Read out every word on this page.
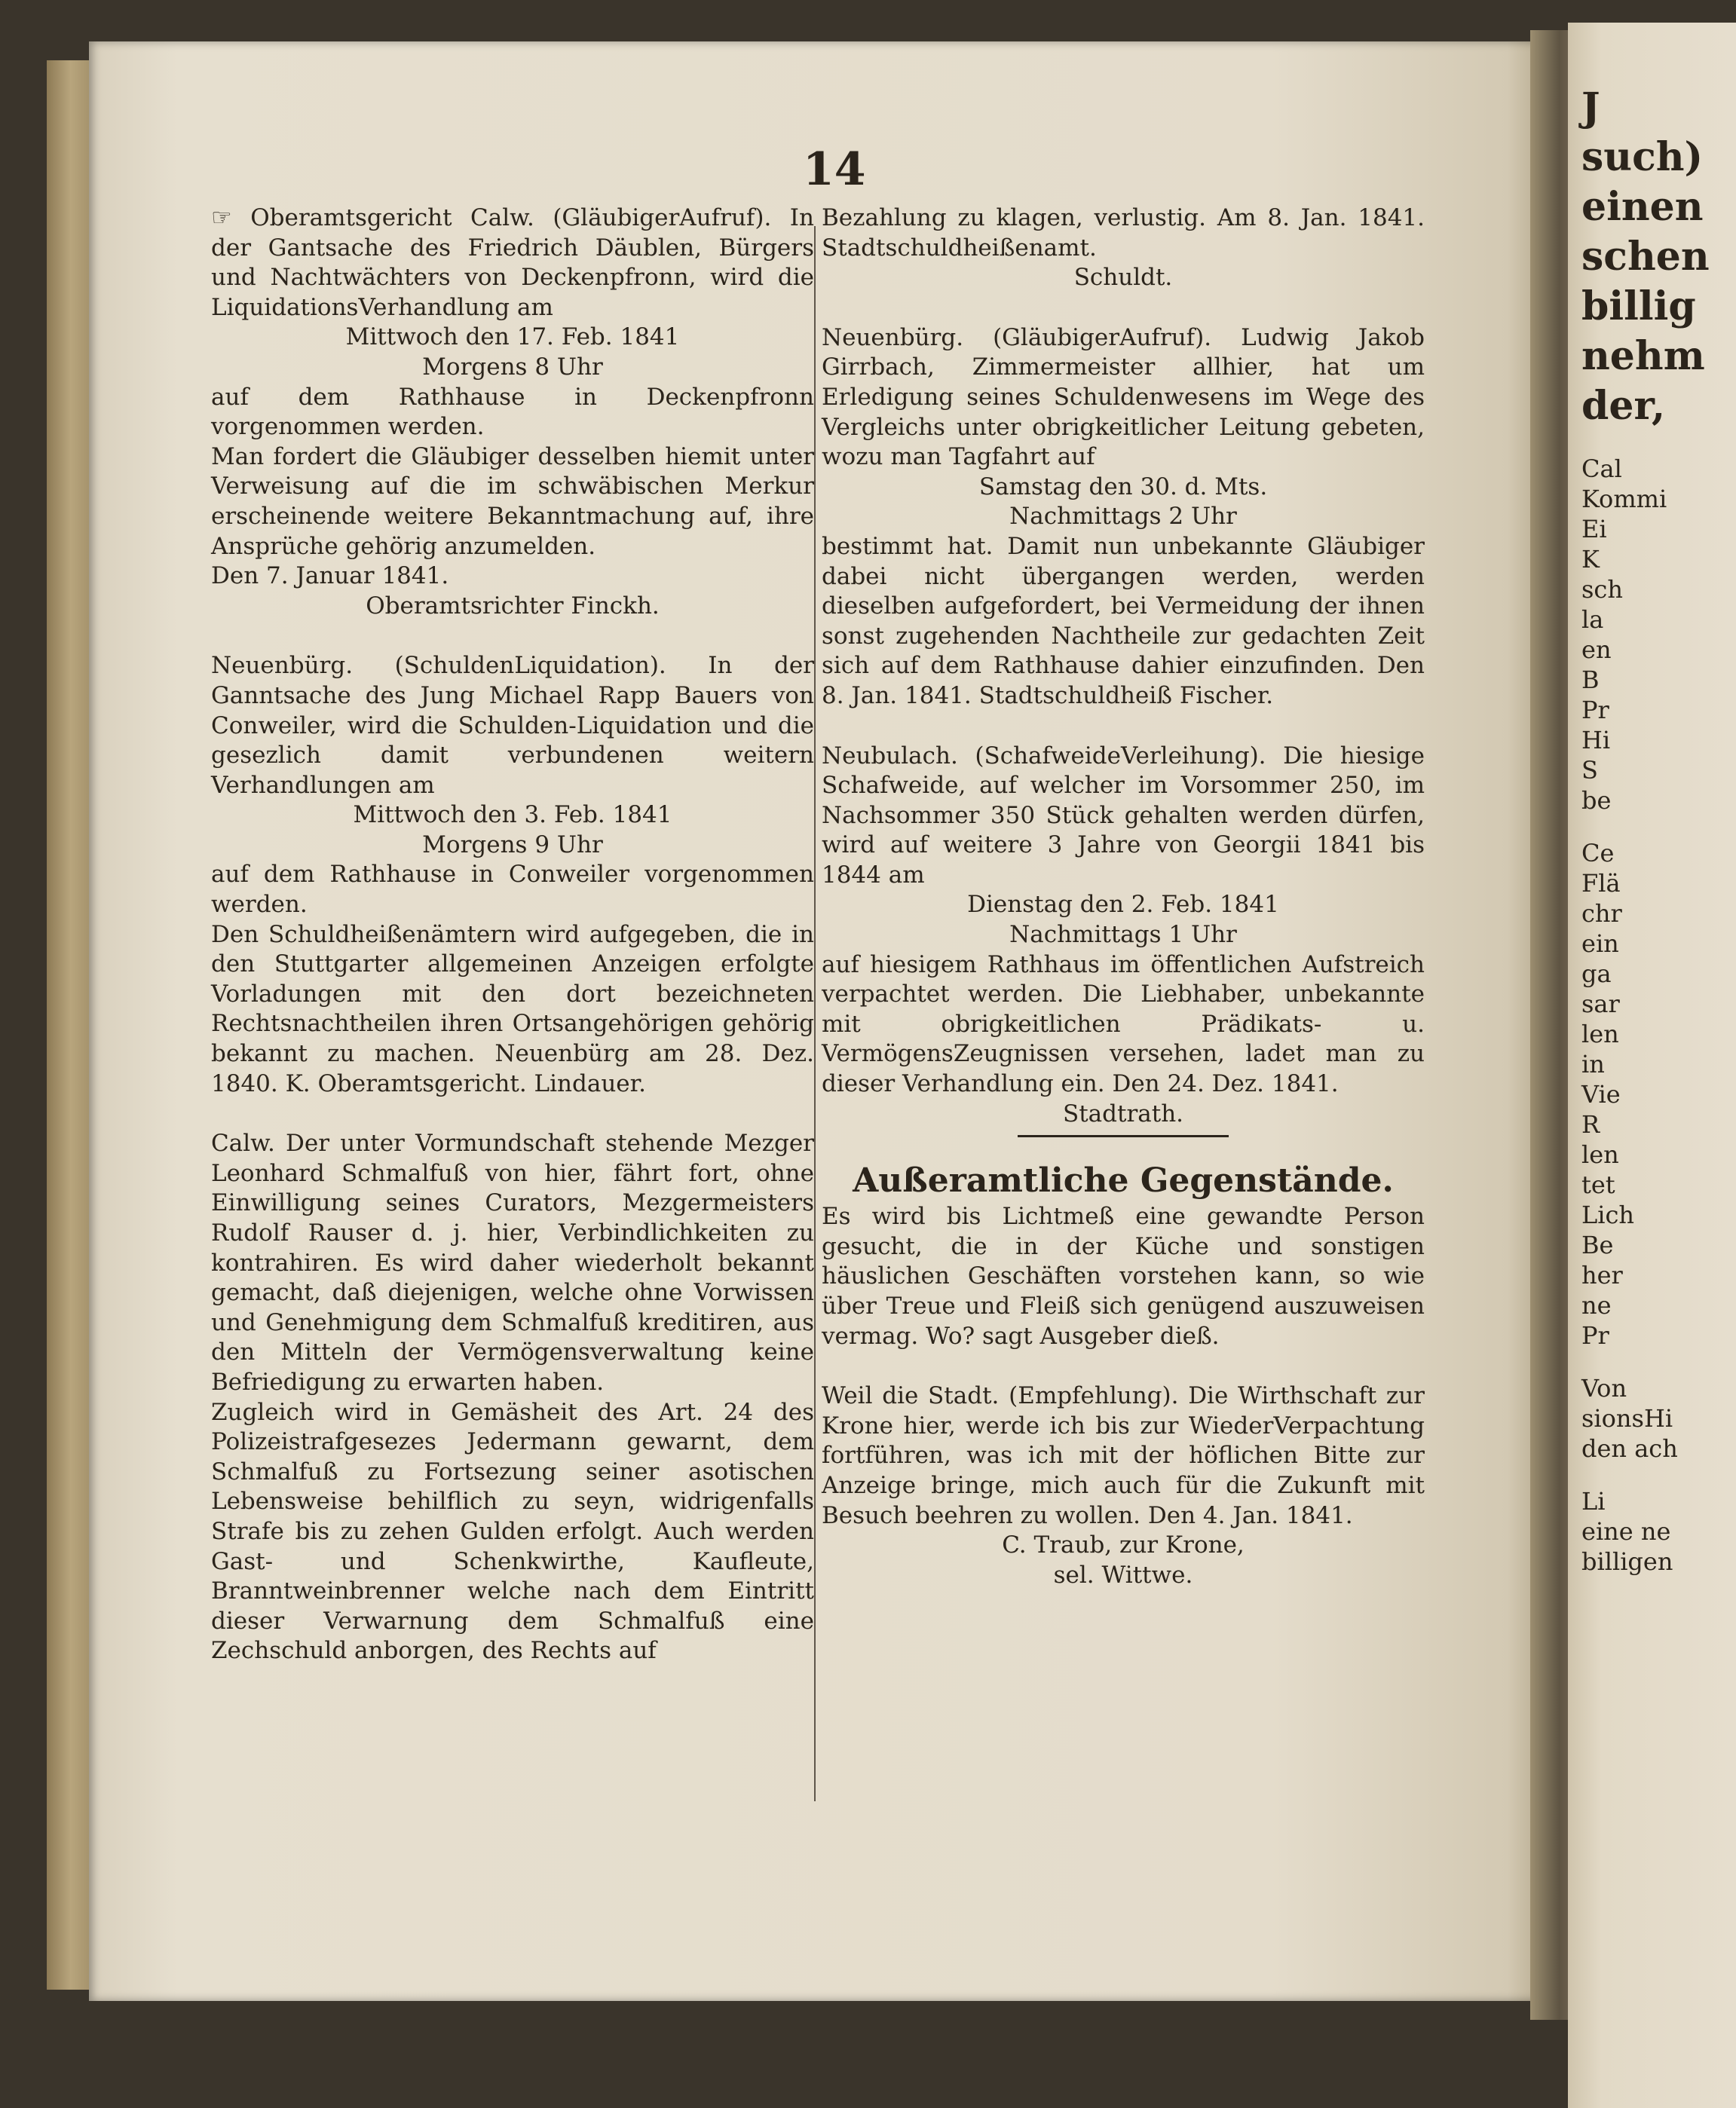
J
such)
einen
schen
billig
nehm
der,
Cal
Kommi
Ei
K
sch
la
en
B
Pr
Hi
S
be
Ce
Flä
chr
ein
ga
sar
len
in
Vie
R
len
tet
Lich
Be
her
ne
Pr
Von
sionsHi
den ach
Li
eine ne
billigen
14

☞ Oberamtsgericht Calw. (GläubigerAufruf). In der Gantsache des Friedrich Däublen, Bürgers und Nachtwächters von Deckenpfronn, wird die LiquidationsVerhandlung am

Mittwoch den 17. Feb. 1841

Morgens 8 Uhr

auf dem Rathhause in Deckenpfronn vorgenommen werden.

Man fordert die Gläubiger desselben hiemit unter Verweisung auf die im schwäbischen Merkur erscheinende weitere Bekanntmachung auf, ihre Ansprüche gehörig anzumelden.

Den 7. Januar 1841.

Oberamtsrichter Finckh.

Neuenbürg. (SchuldenLiquidation). In der Ganntsache des Jung Michael Rapp Bauers von Conweiler, wird die Schulden-Liquidation und die gesezlich damit verbundenen weitern Verhandlungen am

Mittwoch den 3. Feb. 1841

Morgens 9 Uhr

auf dem Rathhause in Conweiler vorgenommen werden.

Den Schuldheißenämtern wird aufgegeben, die in den Stuttgarter allgemeinen Anzeigen erfolgte Vorladungen mit den dort bezeichneten Rechtsnachtheilen ihren Ortsangehörigen gehörig bekannt zu machen. Neuenbürg am 28. Dez. 1840. K. Oberamtsgericht. Lindauer.

Calw. Der unter Vormundschaft stehende Mezger Leonhard Schmalfuß von hier, fährt fort, ohne Einwilligung seines Curators, Mezgermeisters Rudolf Rauser d. j. hier, Verbindlichkeiten zu kontrahiren. Es wird daher wiederholt bekannt gemacht, daß diejenigen, welche ohne Vorwissen und Genehmigung dem Schmalfuß kreditiren, aus den Mitteln der Vermögensverwaltung keine Befriedigung zu erwarten haben.

Zugleich wird in Gemäsheit des Art. 24 des Polizeistrafgesezes Jedermann gewarnt, dem Schmalfuß zu Fortsezung seiner asotischen Lebensweise behilflich zu seyn, widrigenfalls Strafe bis zu zehen Gulden erfolgt. Auch werden Gast- und Schenkwirthe, Kaufleute, Branntweinbrenner welche nach dem Eintritt dieser Verwarnung dem Schmalfuß eine Zechschuld anborgen, des Rechts auf

Bezahlung zu klagen, verlustig. Am 8. Jan. 1841. Stadtschuldheißenamt.

Schuldt.

Neuenbürg. (GläubigerAufruf). Ludwig Jakob Girrbach, Zimmermeister allhier, hat um Erledigung seines Schuldenwesens im Wege des Vergleichs unter obrigkeitlicher Leitung gebeten, wozu man Tagfahrt auf

Samstag den 30. d. Mts.

Nachmittags 2 Uhr

bestimmt hat. Damit nun unbekannte Gläubiger dabei nicht übergangen werden, werden dieselben aufgefordert, bei Vermeidung der ihnen sonst zugehenden Nachtheile zur gedachten Zeit sich auf dem Rathhause dahier einzufinden. Den 8. Jan. 1841. Stadtschuldheiß Fischer.

Neubulach. (SchafweideVerleihung). Die hiesige Schafweide, auf welcher im Vorsommer 250, im Nachsommer 350 Stück gehalten werden dürfen, wird auf weitere 3 Jahre von Georgii 1841 bis 1844 am

Dienstag den 2. Feb. 1841

Nachmittags 1 Uhr

auf hiesigem Rathhaus im öffentlichen Aufstreich verpachtet werden. Die Liebhaber, unbekannte mit obrigkeitlichen Prädikats- u. VermögensZeugnissen versehen, ladet man zu dieser Verhandlung ein. Den 24. Dez. 1841.

Stadtrath.

Außeramtliche Gegenstände.

Es wird bis Lichtmeß eine gewandte Person gesucht, die in der Küche und sonstigen häuslichen Geschäften vorstehen kann, so wie über Treue und Fleiß sich genügend auszuweisen vermag. Wo? sagt Ausgeber dieß.

Weil die Stadt. (Empfehlung). Die Wirthschaft zur Krone hier, werde ich bis zur WiederVerpachtung fortführen, was ich mit der höflichen Bitte zur Anzeige bringe, mich auch für die Zukunft mit Besuch beehren zu wollen. Den 4. Jan. 1841.

C. Traub, zur Krone,

sel. Wittwe.
